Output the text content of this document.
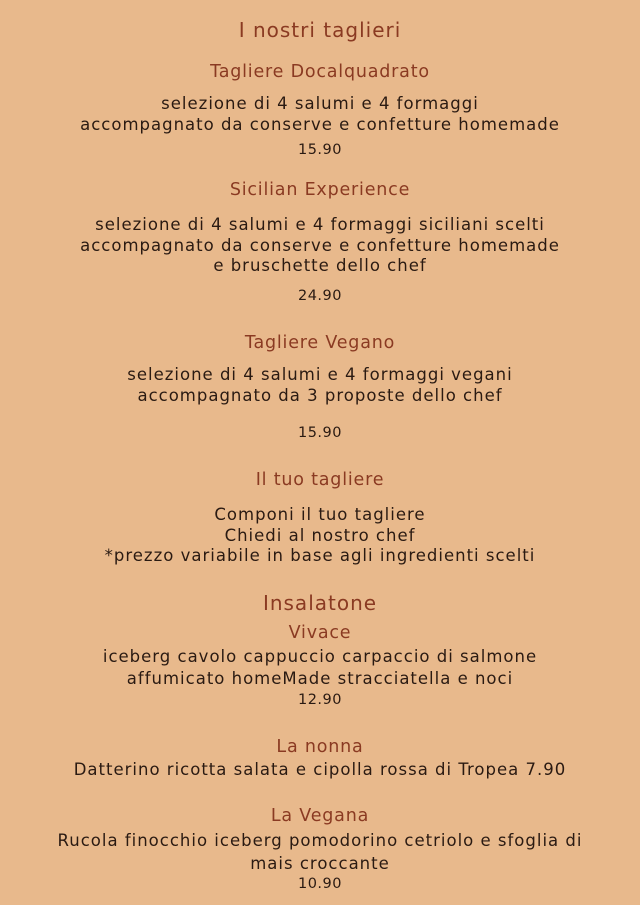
I nostri taglieri
Tagliere Docalquadrato
selezione di 4 salumi e 4 formaggi
accompagnato da conserve e confetture homemade
15.90
Sicilian Experience
selezione di 4 salumi e 4 formaggi siciliani scelti
accompagnato da conserve e confetture homemade
e bruschette dello chef
24.90
Tagliere Vegano
selezione di 4 salumi e 4 formaggi vegani
accompagnato da 3 proposte dello chef
15.90
Il tuo tagliere
Componi il tuo tagliere
Chiedi al nostro chef
*prezzo variabile in base agli ingredienti scelti
Insalatone
Vivace
iceberg cavolo cappuccio carpaccio di salmone
affumicato homeMade stracciatella e noci
12.90
La nonna
Datterino ricotta salata e cipolla rossa di Tropea 7.90
La Vegana
Rucola finocchio iceberg pomodorino cetriolo e sfoglia di
mais croccante
10.90
